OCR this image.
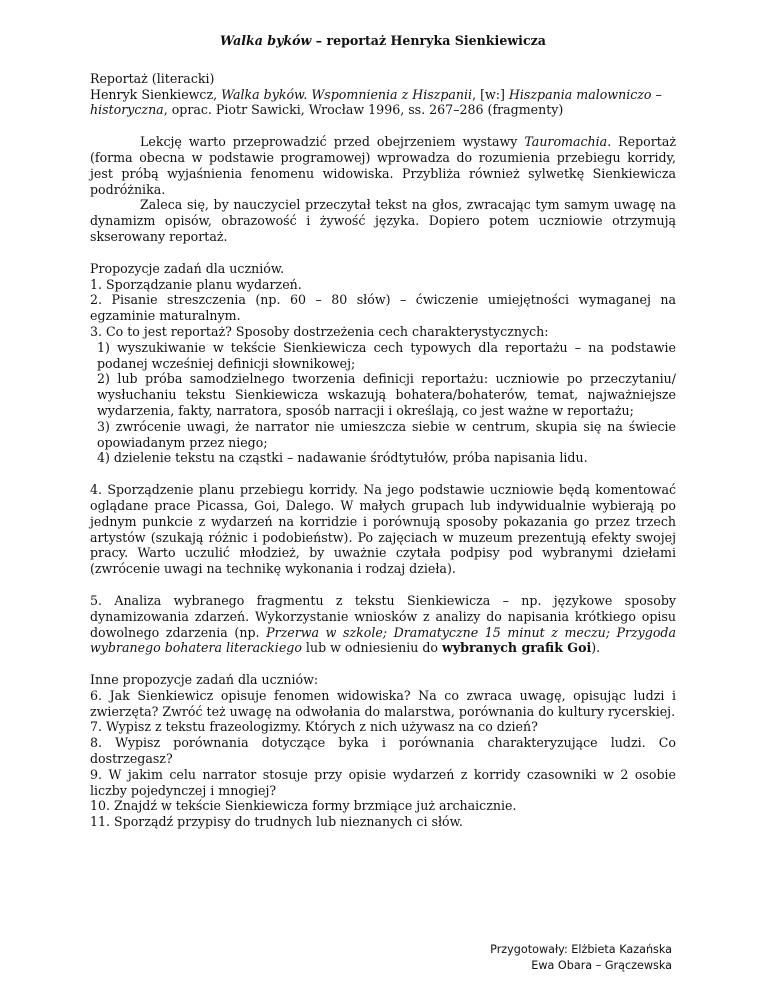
Walka byków – reportaż Henryka Sienkiewicza

Reportaż (literacki)

Henryk Sienkiewcz, Walka byków. Wspomnienia z Hiszpanii, [w:] Hiszpania malowniczo – historyczna, oprac. Piotr Sawicki, Wrocław 1996, ss. 267–286 (fragmenty)

Lekcję warto przeprowadzić przed obejrzeniem wystawy Tauromachia. Reportaż (forma obecna w podstawie programowej) wprowadza do rozumienia przebiegu korridy, jest próbą wyjaśnienia fenomenu widowiska. Przybliża również sylwetkę Sienkiewicza podróżnika.

Zaleca się, by nauczyciel przeczytał tekst na głos, zwracając tym samym uwagę na dynamizm opisów, obrazowość i żywość języka. Dopiero potem uczniowie otrzymują skserowany reportaż.

Propozycje zadań dla uczniów.

1. Sporządzanie planu wydarzeń.

2. Pisanie streszczenia (np. 60 – 80 słów) – ćwiczenie umiejętności wymaganej na egzaminie maturalnym.

3. Co to jest reportaż? Sposoby dostrzeżenia cech charakterystycznych:

1) wyszukiwanie w tekście Sienkiewicza cech typowych dla reportażu – na podstawie podanej wcześniej definicji słownikowej;

2) lub próba samodzielnego tworzenia definicji reportażu: uczniowie po przeczytaniu/ wysłuchaniu tekstu Sienkiewicza wskazują bohatera/bohaterów, temat, najważniejsze wydarzenia, fakty, narratora, sposób narracji i określają, co jest ważne w reportażu;

3) zwrócenie uwagi, że narrator nie umieszcza siebie w centrum, skupia się na świecie opowiadanym przez niego;

4) dzielenie tekstu na cząstki – nadawanie śródtytułów, próba napisania lidu.

4. Sporządzenie planu przebiegu korridy. Na jego podstawie uczniowie będą komentować oglądane prace Picassa, Goi, Dalego. W małych grupach lub indywidualnie wybierają po jednym punkcie z wydarzeń na korridzie i porównują sposoby pokazania go przez trzech artystów (szukają różnic i podobieństw). Po zajęciach w muzeum prezentują efekty swojej pracy. Warto uczulić młodzież, by uważnie czytała podpisy pod wybranymi dziełami (zwrócenie uwagi na technikę wykonania i rodzaj dzieła).

5. Analiza wybranego fragmentu z tekstu Sienkiewicza – np. językowe sposoby dynamizowania zdarzeń. Wykorzystanie wniosków z analizy do napisania krótkiego opisu dowolnego zdarzenia (np. Przerwa w szkole; Dramatyczne 15 minut z meczu; Przygoda wybranego bohatera literackiego lub w odniesieniu do wybranych grafik Goi).

Inne propozycje zadań dla uczniów:

6. Jak Sienkiewicz opisuje fenomen widowiska? Na co zwraca uwagę, opisując ludzi i zwierzęta? Zwróć też uwagę na odwołania do malarstwa, porównania do kultury rycerskiej.

7. Wypisz z tekstu frazeologizmy. Których z nich używasz na co dzień?

8. Wypisz porównania dotyczące byka i porównania charakteryzujące ludzi. Co dostrzegasz?

9. W jakim celu narrator stosuje przy opisie wydarzeń z korridy czasowniki w 2 osobie liczby pojedynczej i mnogiej?

10. Znajdź w tekście Sienkiewicza formy brzmiące już archaicznie.

11. Sporządź przypisy do trudnych lub nieznanych ci słów.

Przygotowały: Elżbieta Kazańska
Ewa Obara – Grączewska
